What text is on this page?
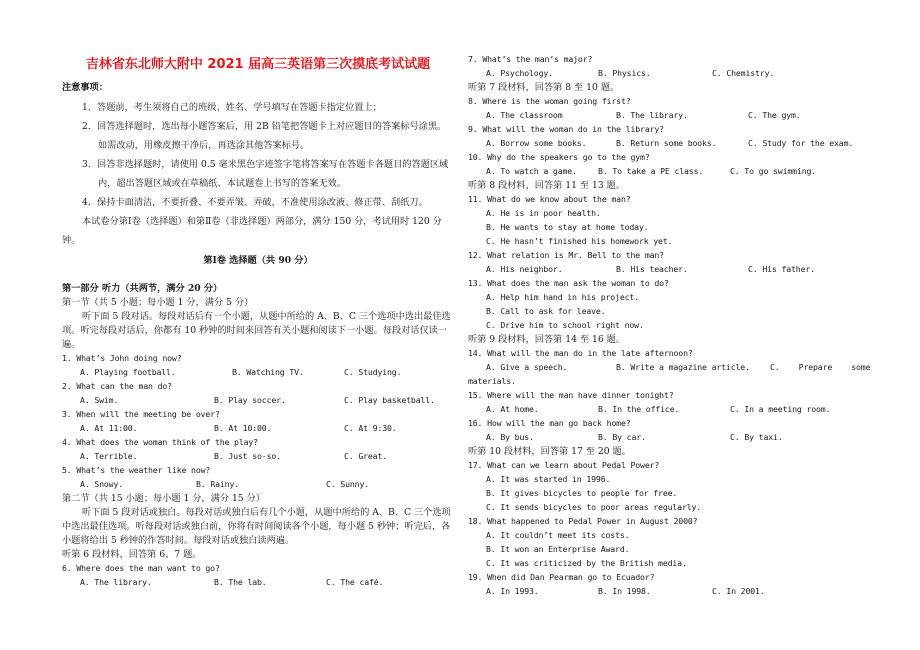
吉林省东北师大附中 2021 届高三英语第三次摸底考试试题
注意事项：
1．答题前，考生须将自己的班级、姓名、学号填写在答题卡指定位置上；
2．回答选择题时，选出每小题答案后，用 2B 铅笔把答题卡上对应题目的答案标号涂黑。
如需改动，用橡皮擦干净后，再选涂其他答案标号。
3．回答非选择题时，请使用 0.5 毫米黑色字迹签字笔将答案写在答题卡各题目的答题区域
内，超出答题区域或在草稿纸、本试题卷上书写的答案无效。
4．保持卡面清洁，不要折叠、不要弄皱、弄破，不准使用涂改液、修正带、刮纸刀。
本试卷分第Ⅰ卷（选择题）和第Ⅱ卷（非选择题）两部分，满分 150 分，考试用时 120 分
钟。
第Ⅰ卷 选择题（共 90 分）
第一部分 听力（共两节，满分 20 分）
第一节（共 5 小题；每小题 1 分，满分 5 分）
听下面 5 段对话。每段对话后有一个小题，从题中所给的 A、B、C 三个选项中选出最佳选
项。听完每段对话后，你都有 10 秒钟的时间来回答有关小题和阅读下一小题。每段对话仅读一
遍。
1. What’s John doing now?
A. Playing football.	B. Watching TV.	C. Studying.
2. What can the man do?
A. Swim.	B. Play soccer.	C. Play basketball.
3. When will the meeting be over?
A. At 11:00.	B. At 10:00.	C. At 9:30.
4. What does the woman think of the play?
A. Terrible.	B. Just so-so.	C. Great.
5. What’s the weather like now?
A. Snowy.	B. Rainy.	C. Sunny.
第二节（共 15 小题；每小题 1 分，满分 15 分）
听下面 5 段对话或独白。每段对话或独白后有几个小题，从题中所给的 A、B、C 三个选项
中选出最佳选项。听每段对话或独白前，你将有时间阅读各个小题，每小题 5 秒钟；听完后，各
小题将给出 5 秒钟的作答时间。每段对话或独白读两遍。
听第 6 段材料，回答第 6、7 题。
6. Where does the man want to go?
A. The library.	B. The lab.	C. The café.
7. What’s the man’s major?
A. Psychology.	B. Physics.	C. Chemistry.
听第 7 段材料，回答第 8 至 10 题。
8. Where is the woman going first?
A. The classroom	B. The library.	C. The gym.
9. What will the woman do in the library?
A. Borrow some books.	B. Return some books.	C. Study for the exam.
10. Why do the speakers go to the gym?
A. To watch a game.	B. To take a PE class.	C. To go swimming.
听第 8 段材料，回答第 11 至 13 题。
11. What do we know about the man?
A. He is in poor health.
B. He wants to stay at home today.
C. He hasn’t finished his homework yet.
12. What relation is Mr. Bell to the man?
A. His neighbor.	B. His teacher.	C. His father.
13. What does the man ask the woman to do?
A. Help him hand in his project.
B. Call to ask for leave.
C. Drive him to school right now.
听第 9 段材料，回答第 14 至 16 题。
14. What will the man do in the late afternoon?
A. Give a speech.	B. Write a magazine article. C.    Prepare    some
materials.
15. Where will the man have dinner tonight?
A. At home.	B. In the office.	C. In a meeting room.
16. How will the man go back home?
A. By bus.	B. By car.	C. By taxi.
听第 10 段材料，回答第 17 至 20 题。
17. What can we learn about Pedal Power?
A. It was started in 1996.
B. It gives bicycles to people for free.
C. It sends bicycles to poor areas regularly.
18. What happened to Pedal Power in August 2000?
A. It couldn’t meet its costs.
B. It won an Enterprise Award.
C. It was criticized by the British media.
19. When did Dan Pearman go to Ecuador?
A. In 1993.	B. In 1998.	C. In 2001.
